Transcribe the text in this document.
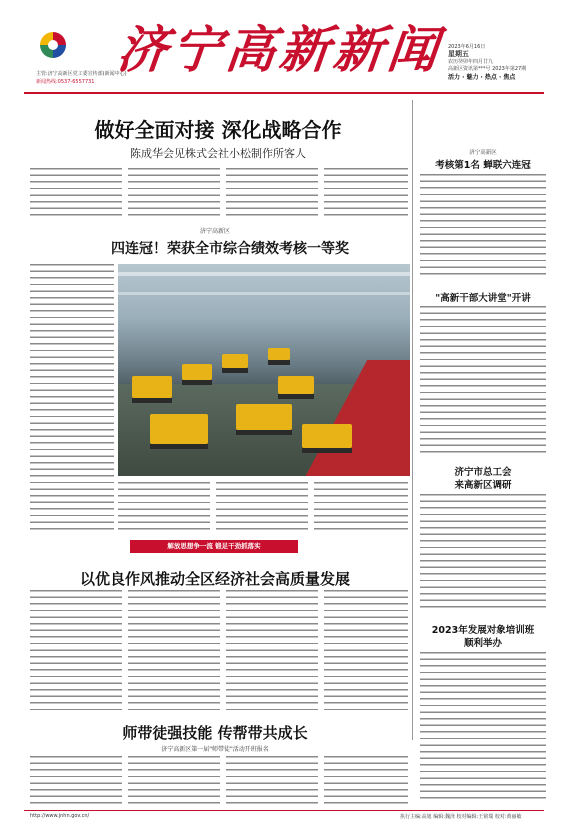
主管:济宁高新区党工委宣传部(新闻中心)
新闻热线:0537-6557731
济宁高新新闻 2023年6月16日
星期五
农历癸卯年四月廿九
高新区资讯第***号 2023年第27期
活力 · 魅力 · 热点 · 焦点
做好全面对接 深化战略合作
陈成华会见株式会社小松制作所客人
济宁高新区
四连冠！荣获全市综合绩效考核一等奖
济宁高新区
考核第1名 蝉联六连冠
"高新干部大讲堂"开讲
济宁市总工会
来高新区调研
2023年发展对象培训班
顺利举办
解放思想争一流 锻足干劲抓落实
以优良作风推动全区经济社会高质量发展
师带徒强技能 传帮带共成长
济宁高新区第一届"师带徒"活动开班报名
http://www.jnhn.gov.cn/	执行主编:高旭 编辑:魏泽 校对编辑:王铭瑞 校对:黄丽敏
